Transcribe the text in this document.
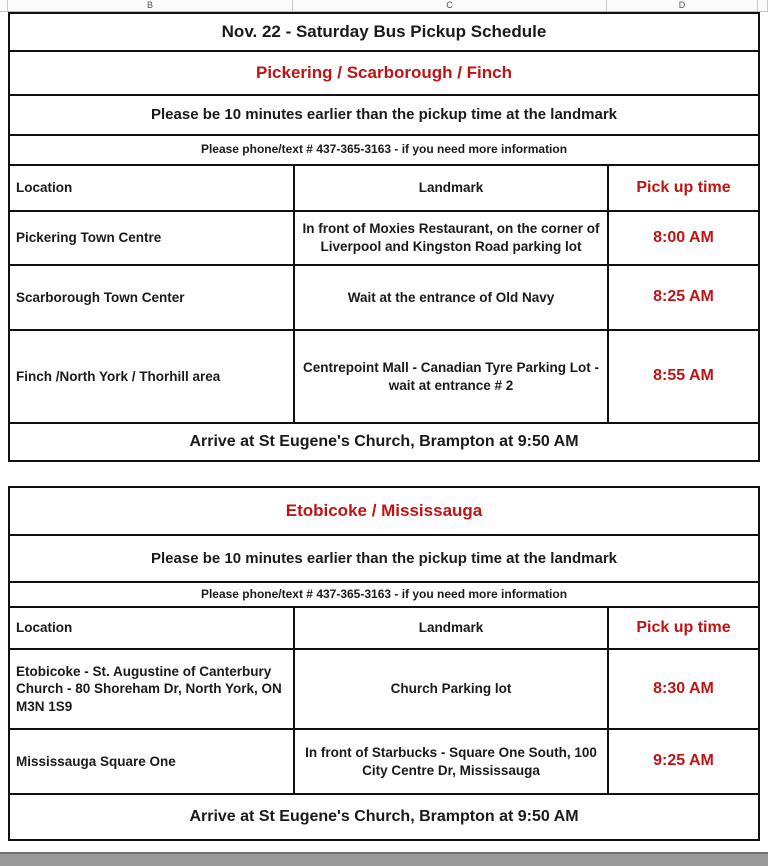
B	C	D
Nov. 22 - Saturday Bus Pickup Schedule		
Pickering / Scarborough / Finch		
Please be 10 minutes earlier than the pickup time at the landmark		
Please phone/text # 437-365-3163 - if you need more information		
Location	Landmark	Pick up time
Pickering Town Centre	In front of Moxies Restaurant, on the corner of Liverpool and Kingston Road parking lot	8:00 AM
Scarborough Town Center	Wait at the entrance of Old Navy	8:25 AM
Finch /North York / Thorhill area	Centrepoint Mall - Canadian Tyre Parking Lot - wait at entrance # 2	8:55 AM
Arrive at St Eugene's Church, Brampton at 9:50 AM		
Etobicoke / Mississauga		
Please be 10 minutes earlier than the pickup time at the landmark		
Please phone/text # 437-365-3163 - if you need more information		
Location	Landmark	Pick up time
Etobicoke - St. Augustine of Canterbury Church - 80 Shoreham Dr, North York, ON M3N 1S9	Church Parking lot	8:30 AM
Mississauga Square One	In front of Starbucks - Square One South, 100 City Centre Dr, Mississauga	9:25 AM
Arrive at St Eugene's Church, Brampton at 9:50 AM		
